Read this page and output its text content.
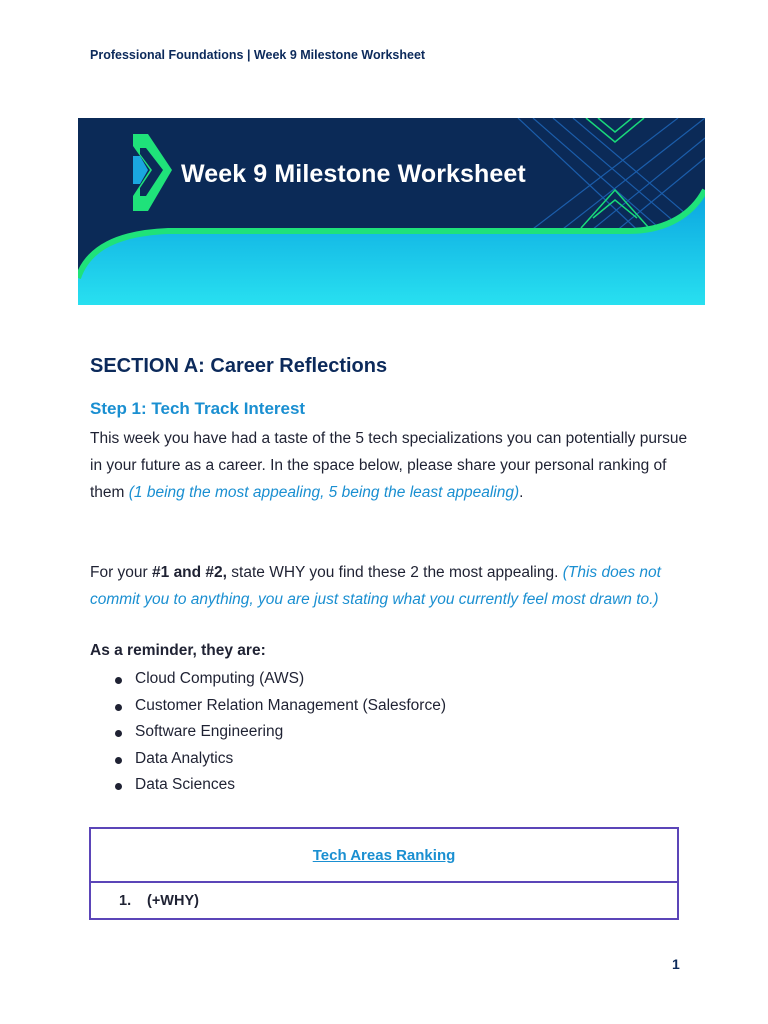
Professional Foundations | Week 9 Milestone Worksheet
Week 9 Milestone Worksheet
SECTION A: Career Reflections
Step 1: Tech Track Interest
This week you have had a taste of the 5 tech specializations you can potentially pursue in your future as a career. In the space below, please share your personal ranking of them (1 being the most appealing, 5 being the least appealing).
For your #1 and #2, state WHY you find these 2 the most appealing. (This does not commit you to anything, you are just stating what you currently feel most drawn to.)
As a reminder, they are:
Cloud Computing (AWS)
Customer Relation Management (Salesforce)
Software Engineering
Data Analytics
Data Sciences
Tech Areas Ranking
1.	(+WHY)
1
